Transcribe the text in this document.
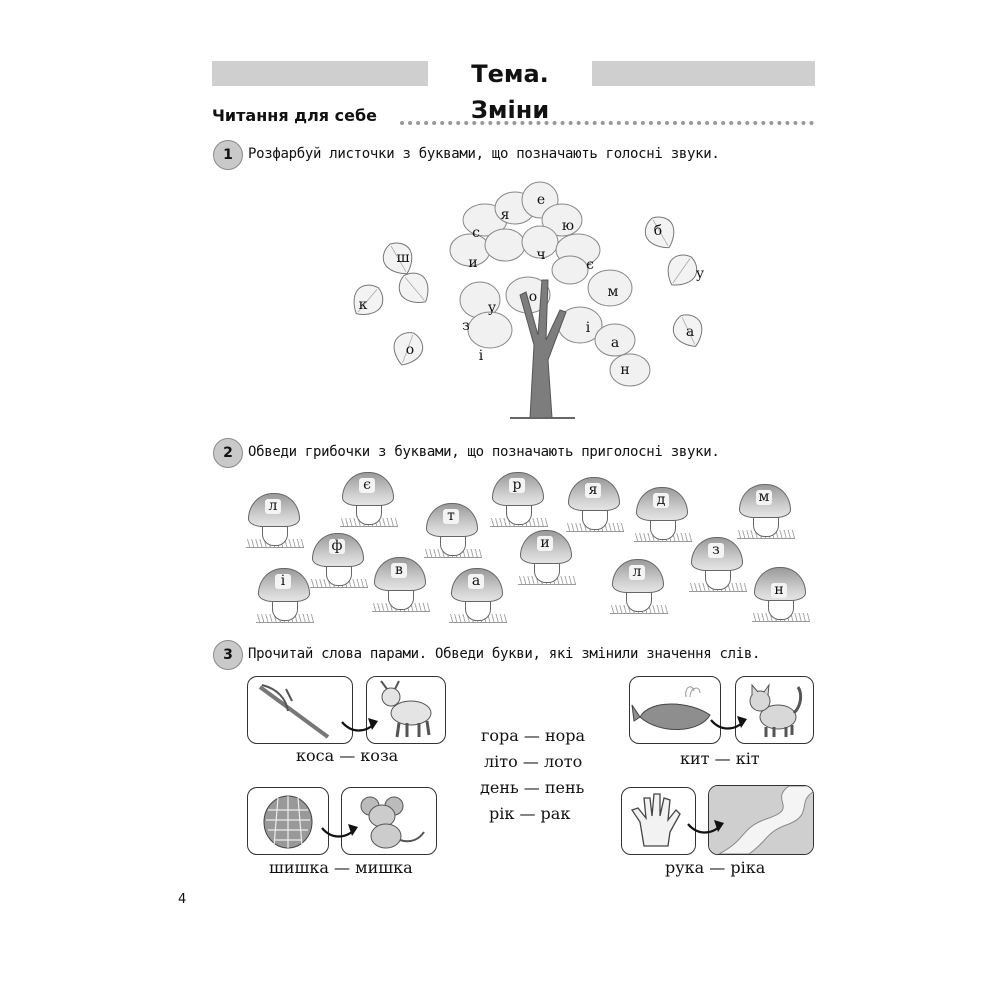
Тема. Зміни
Читання для себе
1	Розфарбуй листочки з буквами, що позначають голосні звуки.
е
я
с	ю	б
ш	и	ч
є
у
к
м
о
у
з	і	а
о	і
а
н
2	Обведи грибочки з буквами, що позначають приголосні звуки.
л
є
т
р	я
д	м
ф	и	з
і
в
а
л
н
3	Прочитай слова парами. Обведи букви, які змінили значення слів.
коса — коза	кит — кіт
шишка — мишка	рука — ріка
гора — нора
літо — лото
день — пень
рік — рак
4
